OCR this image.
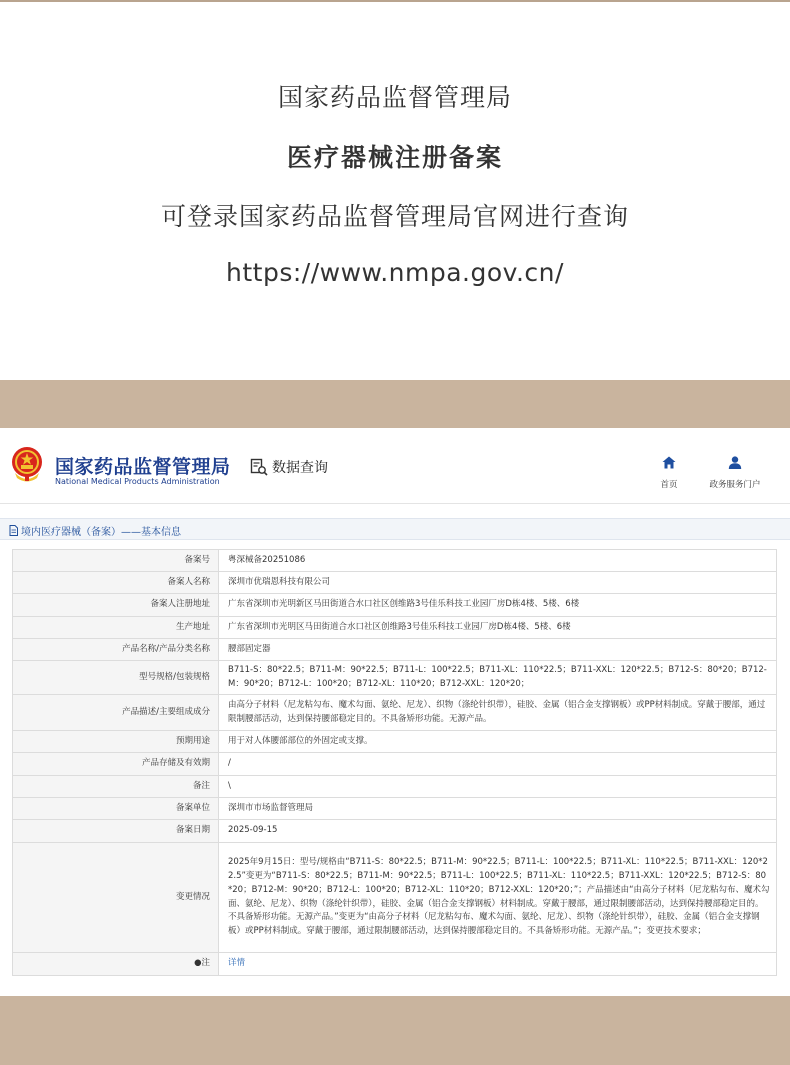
国家药品监督管理局
医疗器械注册备案
可登录国家药品监督管理局官网进行查询
https://www.nmpa.gov.cn/
国家药品监督管理局
National Medical Products Administration
数据查询
首页	政务服务门户
境内医疗器械（备案）——基本信息
备案号	粤深械备20251086
备案人名称	深圳市优瑞恩科技有限公司
备案人注册地址	广东省深圳市光明新区马田街道合水口社区创维路3号佳乐科技工业园厂房D栋4楼、5楼、6楼
生产地址	广东省深圳市光明区马田街道合水口社区创维路3号佳乐科技工业园厂房D栋4楼、5楼、6楼
产品名称/产品分类名称	腰部固定器
型号规格/包装规格	B711-S：80*22.5；B711-M：90*22.5；B711-L：100*22.5；B711-XL：110*22.5；B711-XXL：120*22.5；B712-S：80*20；B712-M：90*20；B712-L：100*20；B712-XL：110*20；B712-XXL：120*20；
产品描述/主要组成成分	由高分子材料（尼龙粘勾布、魔术勾面、氨纶、尼龙）、织物（涤纶针织带），硅胶、金属（铝合金支撑钢板）或PP材料制成。穿戴于腰部，通过限制腰部活动，达到保持腰部稳定目的。不具备矫形功能。无源产品。
预期用途	用于对人体腰部部位的外固定或支撑。
产品存储及有效期	/
备注	\
备案单位	深圳市市场监督管理局
备案日期	2025-09-15
变更情况	2025年9月15日：型号/规格由“B711-S：80*22.5；B711-M：90*22.5；B711-L：100*22.5；B711-XL：110*22.5；B711-XXL：120*22.5”变更为“B711-S：80*22.5；B711-M：90*22.5；B711-L：100*22.5；B711-XL：110*22.5；B711-XXL：120*22.5；B712-S：80*20；B712-M：90*20；B712-L：100*20；B712-XL：110*20；B712-XXL：120*20；”；产品描述由“由高分子材料（尼龙粘勾布、魔术勾面、氨纶、尼龙）、织物（涤纶针织带），硅胶、金属（铝合金支撑钢板）材料制成。穿戴于腰部，通过限制腰部活动，达到保持腰部稳定目的。不具备矫形功能。无源产品。”变更为“由高分子材料（尼龙粘勾布、魔术勾面、氨纶、尼龙）、织物（涤纶针织带），硅胶、金属（铝合金支撑钢板）或PP材料制成。穿戴于腰部，通过限制腰部活动，达到保持腰部稳定目的。不具备矫形功能。无源产品。”；变更技术要求；
●注	详情
